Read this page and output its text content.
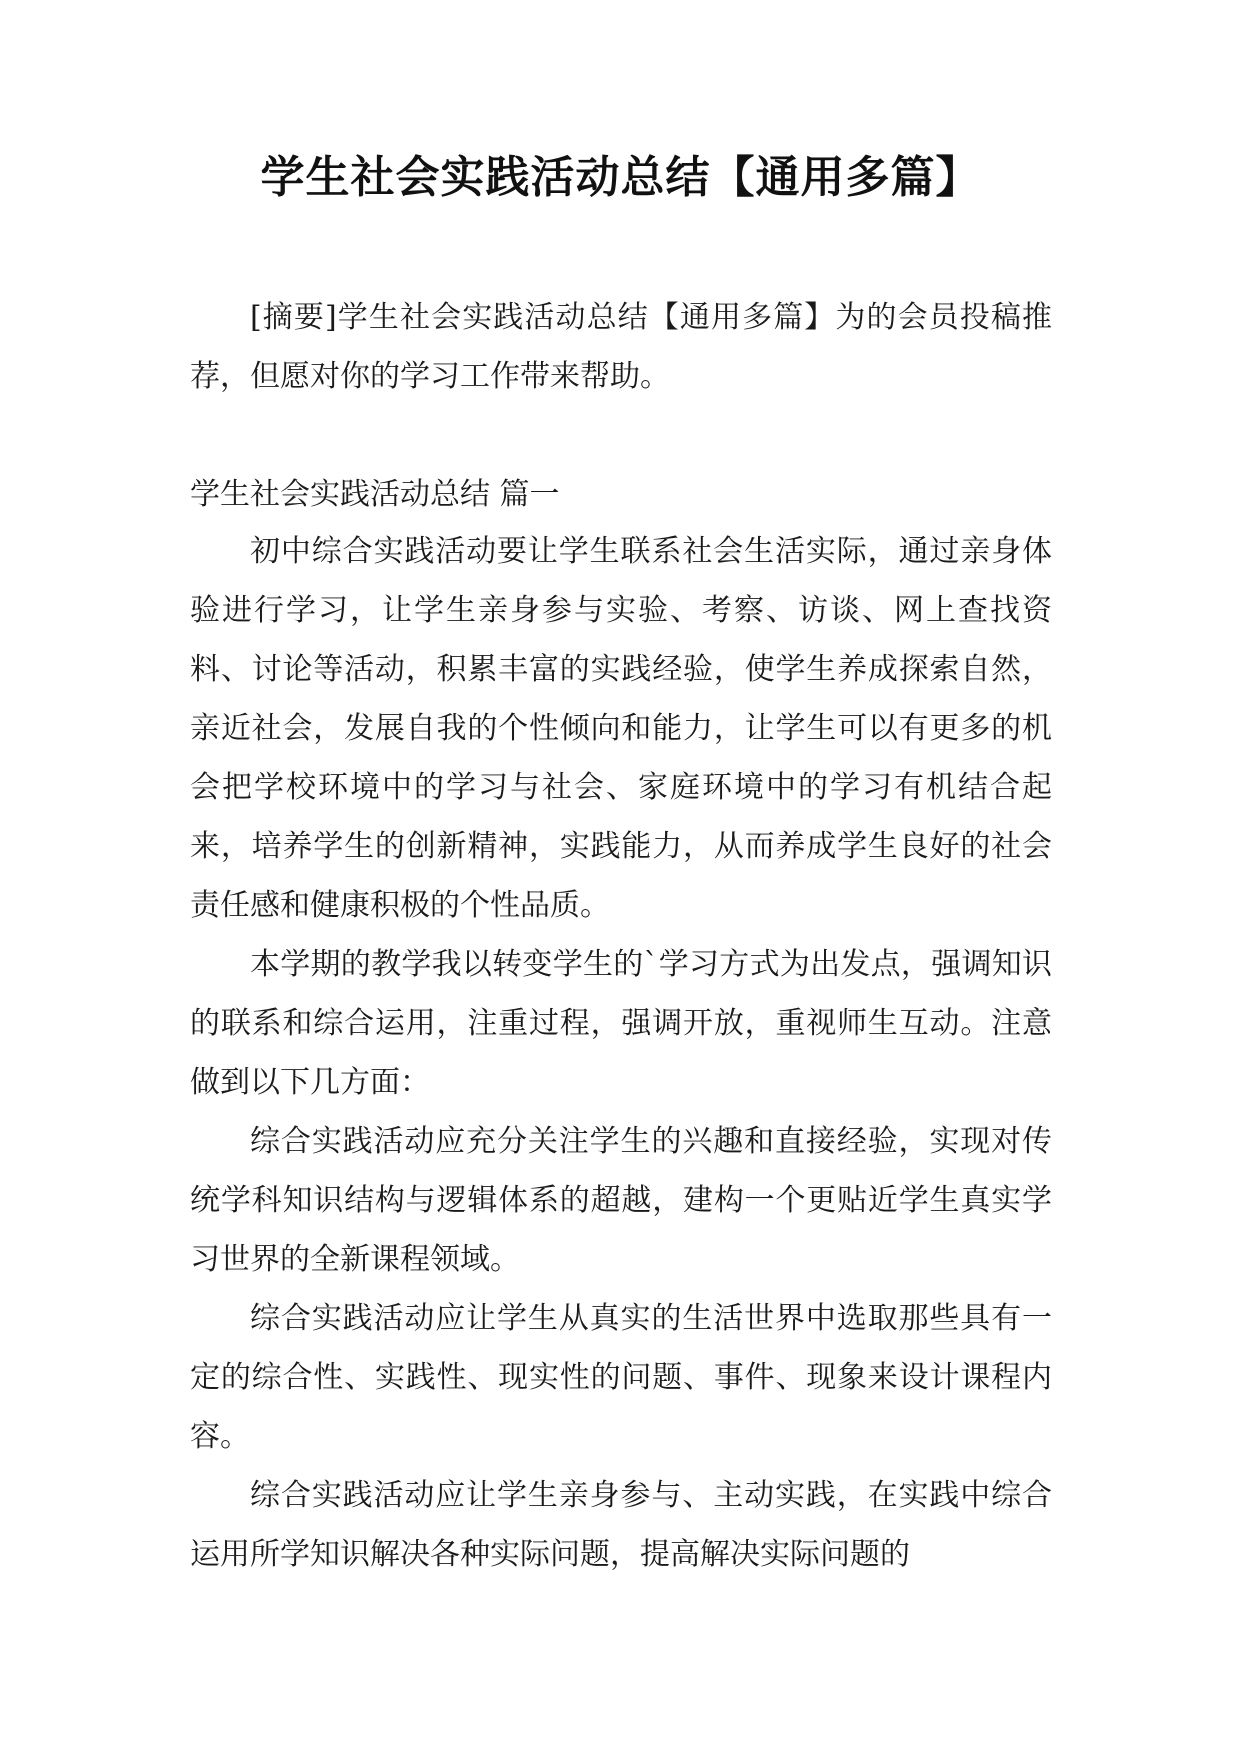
学生社会实践活动总结【通用多篇】

[摘要]学生社会实践活动总结【通用多篇】为的会员投稿推荐，但愿对你的学习工作带来帮助。

学生社会实践活动总结 篇一

初中综合实践活动要让学生联系社会生活实际，通过亲身体验进行学习，让学生亲身参与实验、考察、访谈、网上查找资料、讨论等活动，积累丰富的实践经验，使学生养成探索自然，亲近社会，发展自我的个性倾向和能力，让学生可以有更多的机会把学校环境中的学习与社会、家庭环境中的学习有机结合起来，培养学生的创新精神，实践能力，从而养成学生良好的社会责任感和健康积极的个性品质。

本学期的教学我以转变学生的`学习方式为出发点，强调知识的联系和综合运用，注重过程，强调开放，重视师生互动。注意做到以下几方面：

综合实践活动应充分关注学生的兴趣和直接经验，实现对传统学科知识结构与逻辑体系的超越，建构一个更贴近学生真实学习世界的全新课程领域。

综合实践活动应让学生从真实的生活世界中选取那些具有一定的综合性、实践性、现实性的问题、事件、现象来设计课程内容。

综合实践活动应让学生亲身参与、主动实践，在实践中综合运用所学知识解决各种实际问题，提高解决实际问题的
